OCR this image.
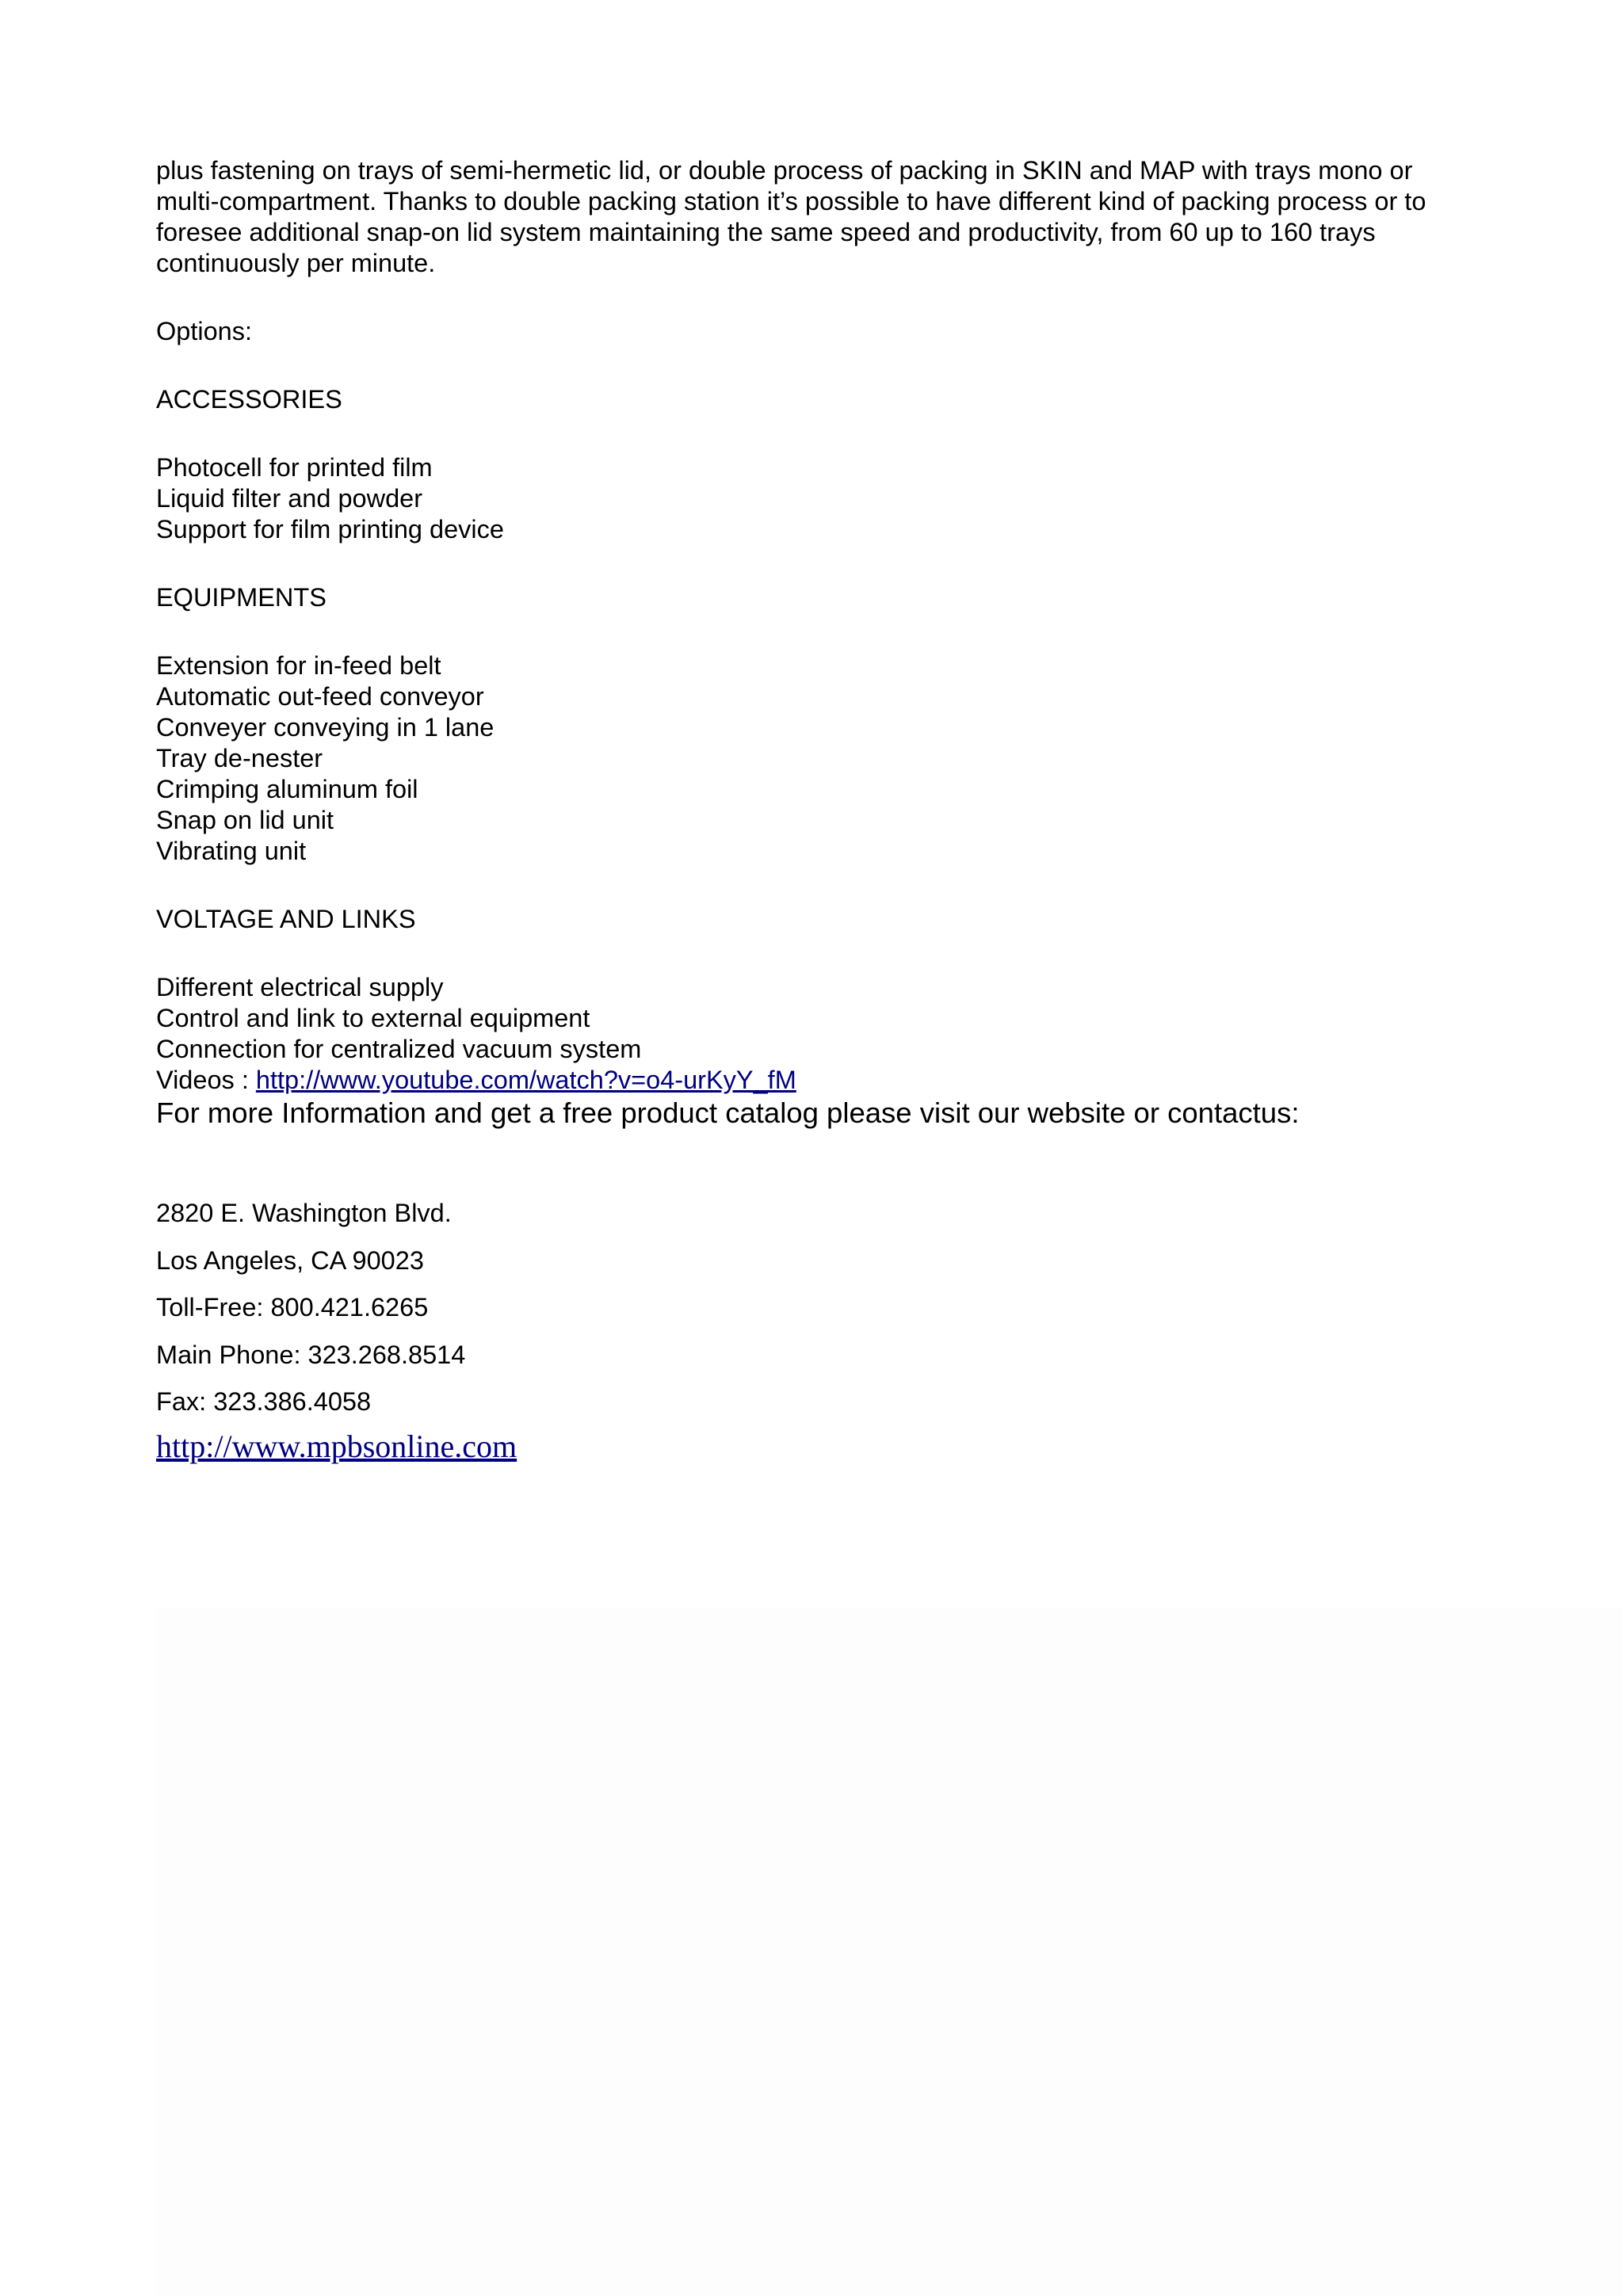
plus fastening on trays of semi-hermetic lid, or double process of packing in SKIN and MAP with trays mono or
multi-compartment. Thanks to double packing station it’s possible to have different kind of packing process or to
foresee additional snap-on lid system maintaining the same speed and productivity, from 60 up to 160 trays
continuously per minute.

Options:

ACCESSORIES

Photocell for printed film
Liquid filter and powder
Support for film printing device

EQUIPMENTS

Extension for in-feed belt
Automatic out-feed conveyor
Conveyer conveying in 1 lane
Tray de-nester
Crimping aluminum foil
Snap on lid unit
Vibrating unit

VOLTAGE AND LINKS

Different electrical supply
Control and link to external equipment
Connection for centralized vacuum system

Videos : http://www.youtube.com/watch?v=o4-urKyY_fM

For more Information and get a free product catalog please visit our website or contactus:

2820 E. Washington Blvd.
Los Angeles, CA 90023
Toll-Free: 800.421.6265
Main Phone: 323.268.8514
Fax: 323.386.4058
http://www.mpbsonline.com
